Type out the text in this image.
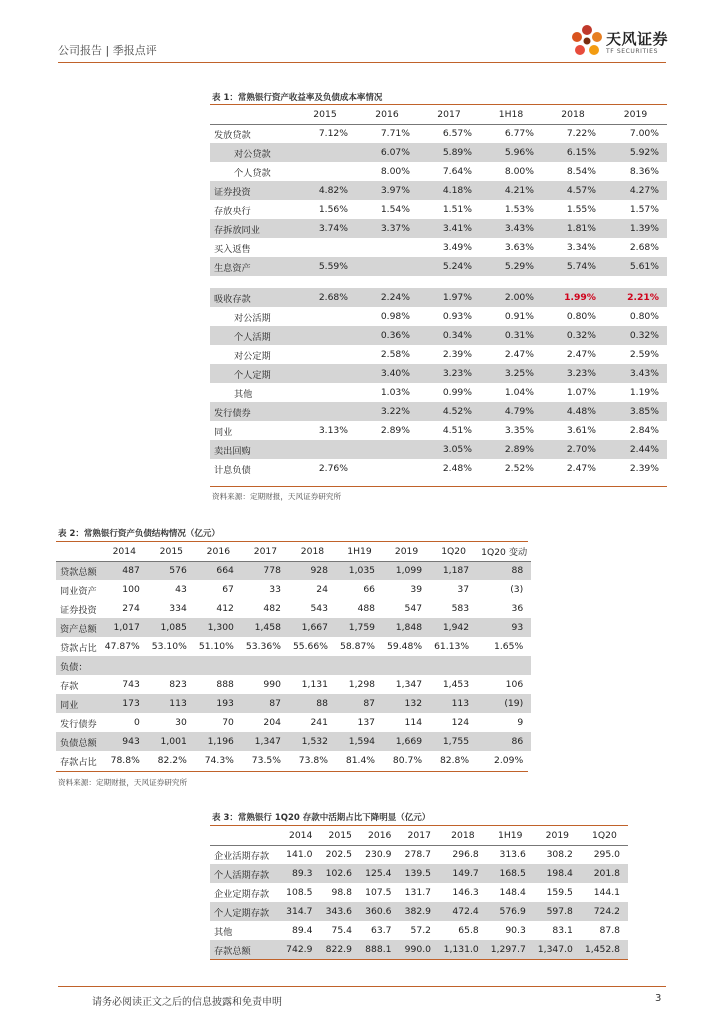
公司报告 | 季报点评
天风证券
TF SECURITIES
表 1：常熟银行资产收益率及负债成本率情况
	2015	2016	2017	1H18	2018	2019
发放贷款	7.12%	7.71%	6.57%	6.77%	7.22%	7.00%
对公贷款		6.07%	5.89%	5.96%	6.15%	5.92%
个人贷款		8.00%	7.64%	8.00%	8.54%	8.36%
证券投资	4.82%	3.97%	4.18%	4.21%	4.57%	4.27%
存放央行	1.56%	1.54%	1.51%	1.53%	1.55%	1.57%
存拆放同业	3.74%	3.37%	3.41%	3.43%	1.81%	1.39%
买入返售			3.49%	3.63%	3.34%	2.68%
生息资产	5.59%		5.24%	5.29%	5.74%	5.61%

吸收存款	2.68%	2.24%	1.97%	2.00%	1.99%	2.21%
对公活期		0.98%	0.93%	0.91%	0.80%	0.80%
个人活期		0.36%	0.34%	0.31%	0.32%	0.32%
对公定期		2.58%	2.39%	2.47%	2.47%	2.59%
个人定期		3.40%	3.23%	3.25%	3.23%	3.43%
其他		1.03%	0.99%	1.04%	1.07%	1.19%
发行债券		3.22%	4.52%	4.79%	4.48%	3.85%
同业	3.13%	2.89%	4.51%	3.35%	3.61%	2.84%
卖出回购			3.05%	2.89%	2.70%	2.44%
计息负债	2.76%		2.48%	2.52%	2.47%	2.39%
资料来源：定期财报，天风证券研究所
表 2：常熟银行资产负债结构情况（亿元）
	2014	2015	2016	2017	2018	1H19	2019	1Q20	1Q20 变动
贷款总额	487	576	664	778	928	1,035	1,099	1,187	88
同业资产	100	43	67	33	24	66	39	37	(3)
证券投资	274	334	412	482	543	488	547	583	36
资产总额	1,017	1,085	1,300	1,458	1,667	1,759	1,848	1,942	93
贷款占比	47.87%	53.10%	51.10%	53.36%	55.66%	58.87%	59.48%	61.13%	1.65%
负债：									
存款	743	823	888	990	1,131	1,298	1,347	1,453	106
同业	173	113	193	87	88	87	132	113	(19)
发行债券	0	30	70	204	241	137	114	124	9
负债总额	943	1,001	1,196	1,347	1,532	1,594	1,669	1,755	86
存款占比	78.8%	82.2%	74.3%	73.5%	73.8%	81.4%	80.7%	82.8%	2.09%
资料来源：定期财报，天风证券研究所
表 3：常熟银行 1Q20 存款中活期占比下降明显（亿元）
	2014	2015	2016	2017	2018	1H19	2019	1Q20
企业活期存款	141.0	202.5	230.9	278.7	296.8	313.6	308.2	295.0
个人活期存款	89.3	102.6	125.4	139.5	149.7	168.5	198.4	201.8
企业定期存款	108.5	98.8	107.5	131.7	146.3	148.4	159.5	144.1
个人定期存款	314.7	343.6	360.6	382.9	472.4	576.9	597.8	724.2
其他	89.4	75.4	63.7	57.2	65.8	90.3	83.1	87.8
存款总额	742.9	822.9	888.1	990.0	1,131.0	1,297.7	1,347.0	1,452.8
请务必阅读正文之后的信息披露和免责申明	3
